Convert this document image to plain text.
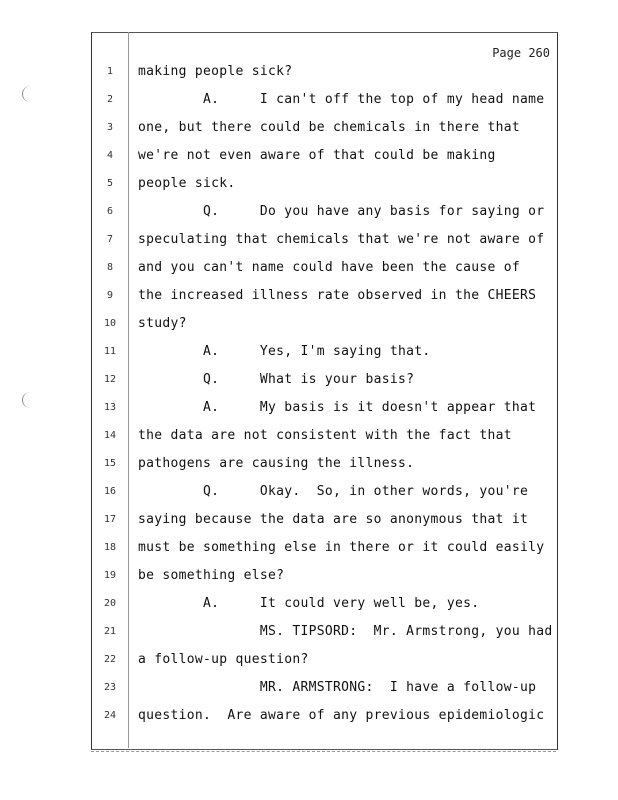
Page 260
1	making people sick?
2	A.     I can't off the top of my head name
3	one, but there could be chemicals in there that
4	we're not even aware of that could be making
5	people sick.
6	Q.     Do you have any basis for saying or
7	speculating that chemicals that we're not aware of
8	and you can't name could have been the cause of
9	the increased illness rate observed in the CHEERS
10	study?
11	A.     Yes, I'm saying that.
12	Q.     What is your basis?
13	A.     My basis is it doesn't appear that
14	the data are not consistent with the fact that
15	pathogens are causing the illness.
16	Q.     Okay.  So, in other words, you're
17	saying because the data are so anonymous that it
18	must be something else in there or it could easily
19	be something else?
20	A.     It could very well be, yes.
21	MS. TIPSORD:  Mr. Armstrong, you had
22	a follow-up question?
23	MR. ARMSTRONG:  I have a follow-up
24	question.  Are aware of any previous epidemiologic
